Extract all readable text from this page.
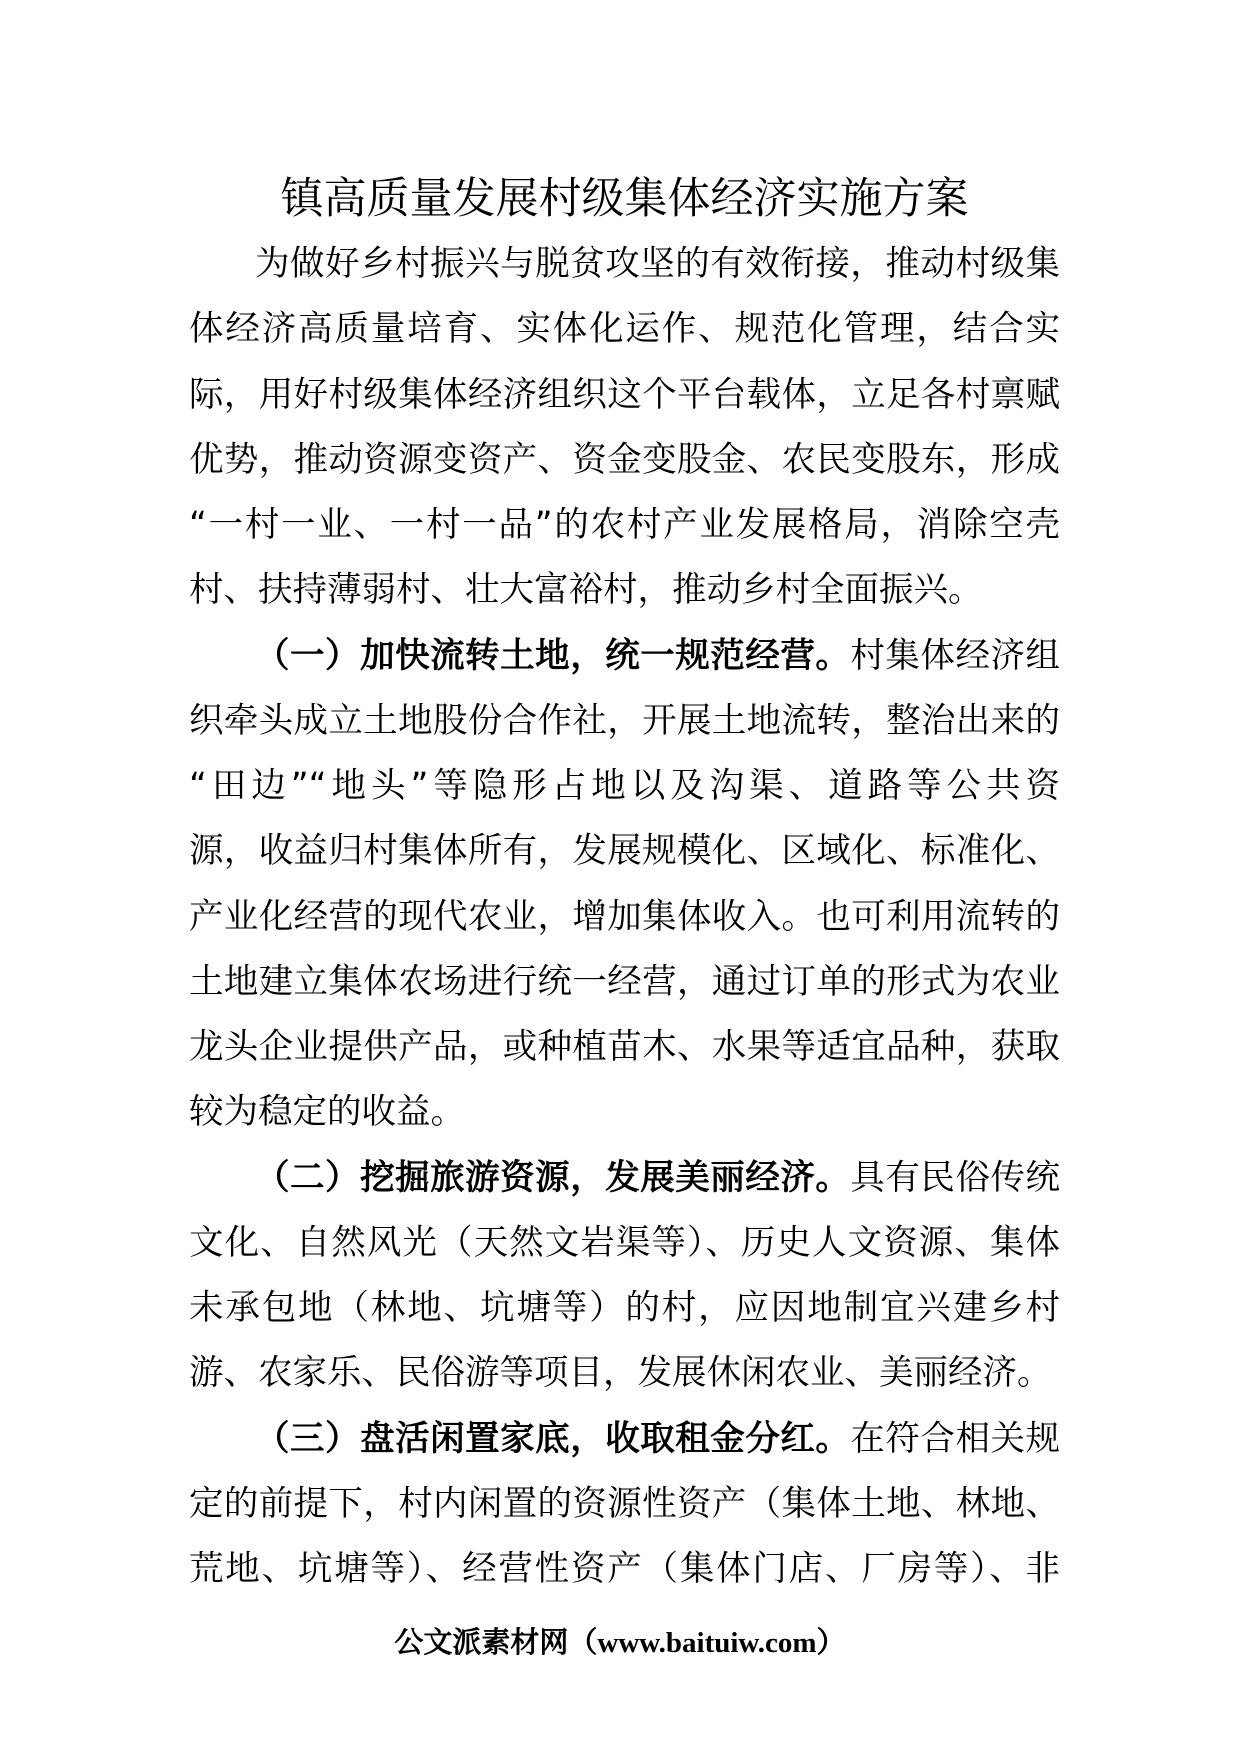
镇高质量发展村级集体经济实施方案
为做好乡村振兴与脱贫攻坚的有效衔接，推动村级集
体经济高质量培育、实体化运作、规范化管理，结合实
际，用好村级集体经济组织这个平台载体，立足各村禀赋
优势，推动资源变资产、资金变股金、农民变股东，形成
“一村一业、一村一品”的农村产业发展格局，消除空壳
村、扶持薄弱村、壮大富裕村，推动乡村全面振兴。
（一）加快流转土地，统一规范经营。村集体经济组
织牵头成立土地股份合作社，开展土地流转，整治出来的
“田边”“地头”等隐形占地以及沟渠、道路等公共资
源，收益归村集体所有，发展规模化、区域化、标准化、
产业化经营的现代农业，增加集体收入。也可利用流转的
土地建立集体农场进行统一经营，通过订单的形式为农业
龙头企业提供产品，或种植苗木、水果等适宜品种，获取
较为稳定的收益。
（二）挖掘旅游资源，发展美丽经济。具有民俗传统
文化、自然风光（天然文岩渠等）、历史人文资源、集体
未承包地（林地、坑塘等）的村，应因地制宜兴建乡村
游、农家乐、民俗游等项目，发展休闲农业、美丽经济。
（三）盘活闲置家底，收取租金分红。在符合相关规
定的前提下，村内闲置的资源性资产（集体土地、林地、
荒地、坑塘等）、经营性资产（集体门店、厂房等）、非
公文派素材网（www.baituiw.com）
